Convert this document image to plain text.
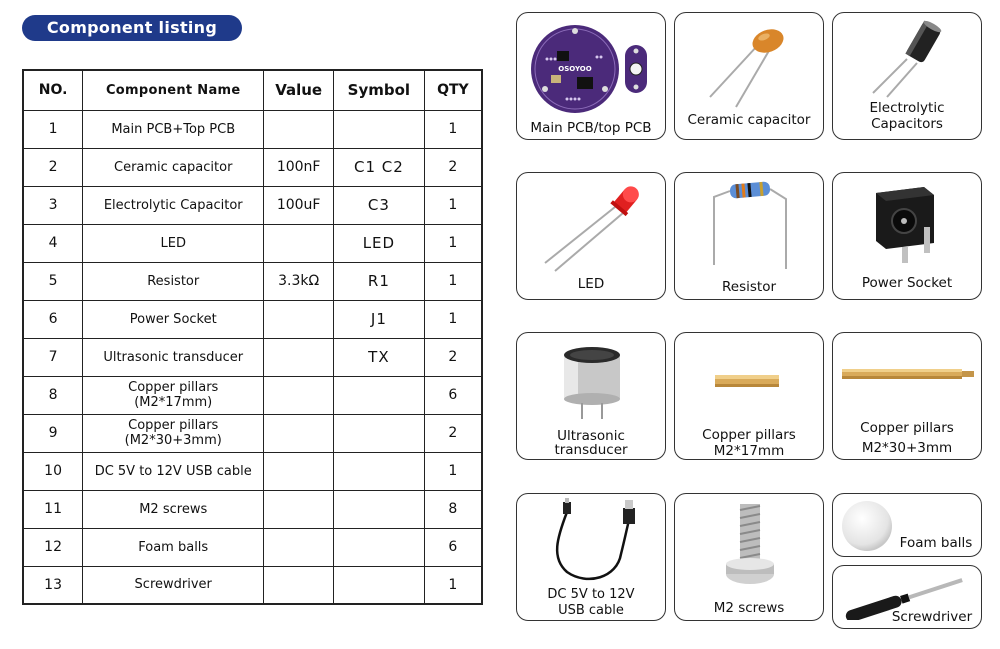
Component listing
NO.	Component Name	Value	Symbol	QTY
1	Main PCB+Top PCB			1
2	Ceramic capacitor	100nF	C1 C2	2
3	Electrolytic Capacitor	100uF	C3	1
4	LED		LED	1
5	Resistor	3.3kΩ	R1	1
6	Power Socket		J1	1
7	Ultrasonic transducer		TX	2
8	Copper pillars
(M2*17mm)			6
9	Copper pillars
(M2*30+3mm)			2
10	DC 5V to 12V USB cable			1
11	M2 screws			8
12	Foam balls			6
13	Screwdriver			1
OSOYOO
Main PCB/top PCB	Ceramic capacitor
Electrolytic
Capacitors
LED	Resistor	Power Socket
Ultrasonic
transducer
Copper pillars
M2*17mm
Copper pillars
M2*30+3mm
DC 5V to 12V
USB cable	M2 screws
Foam balls
Screwdriver
